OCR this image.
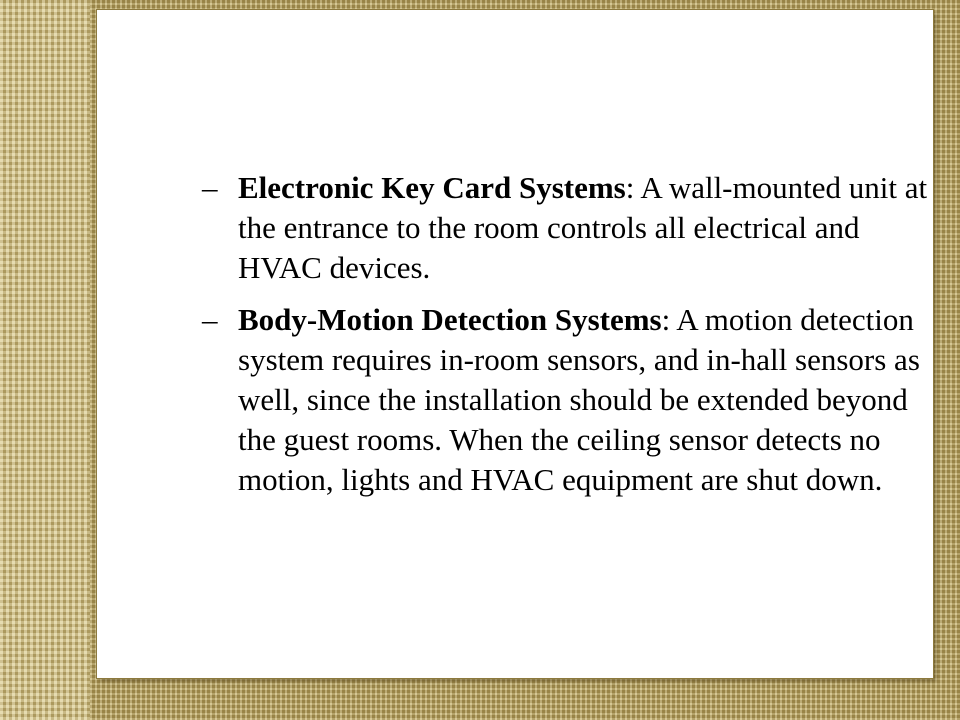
– Electronic Key Card Systems: A wall-mounted unit at the entrance to the room controls all electrical and HVAC devices.
– Body-Motion Detection Systems: A motion detection system requires in-room sensors, and in-hall sensors as well, since the installation should be extended beyond the guest rooms. When the ceiling sensor detects no motion, lights and HVAC equipment are shut down.
